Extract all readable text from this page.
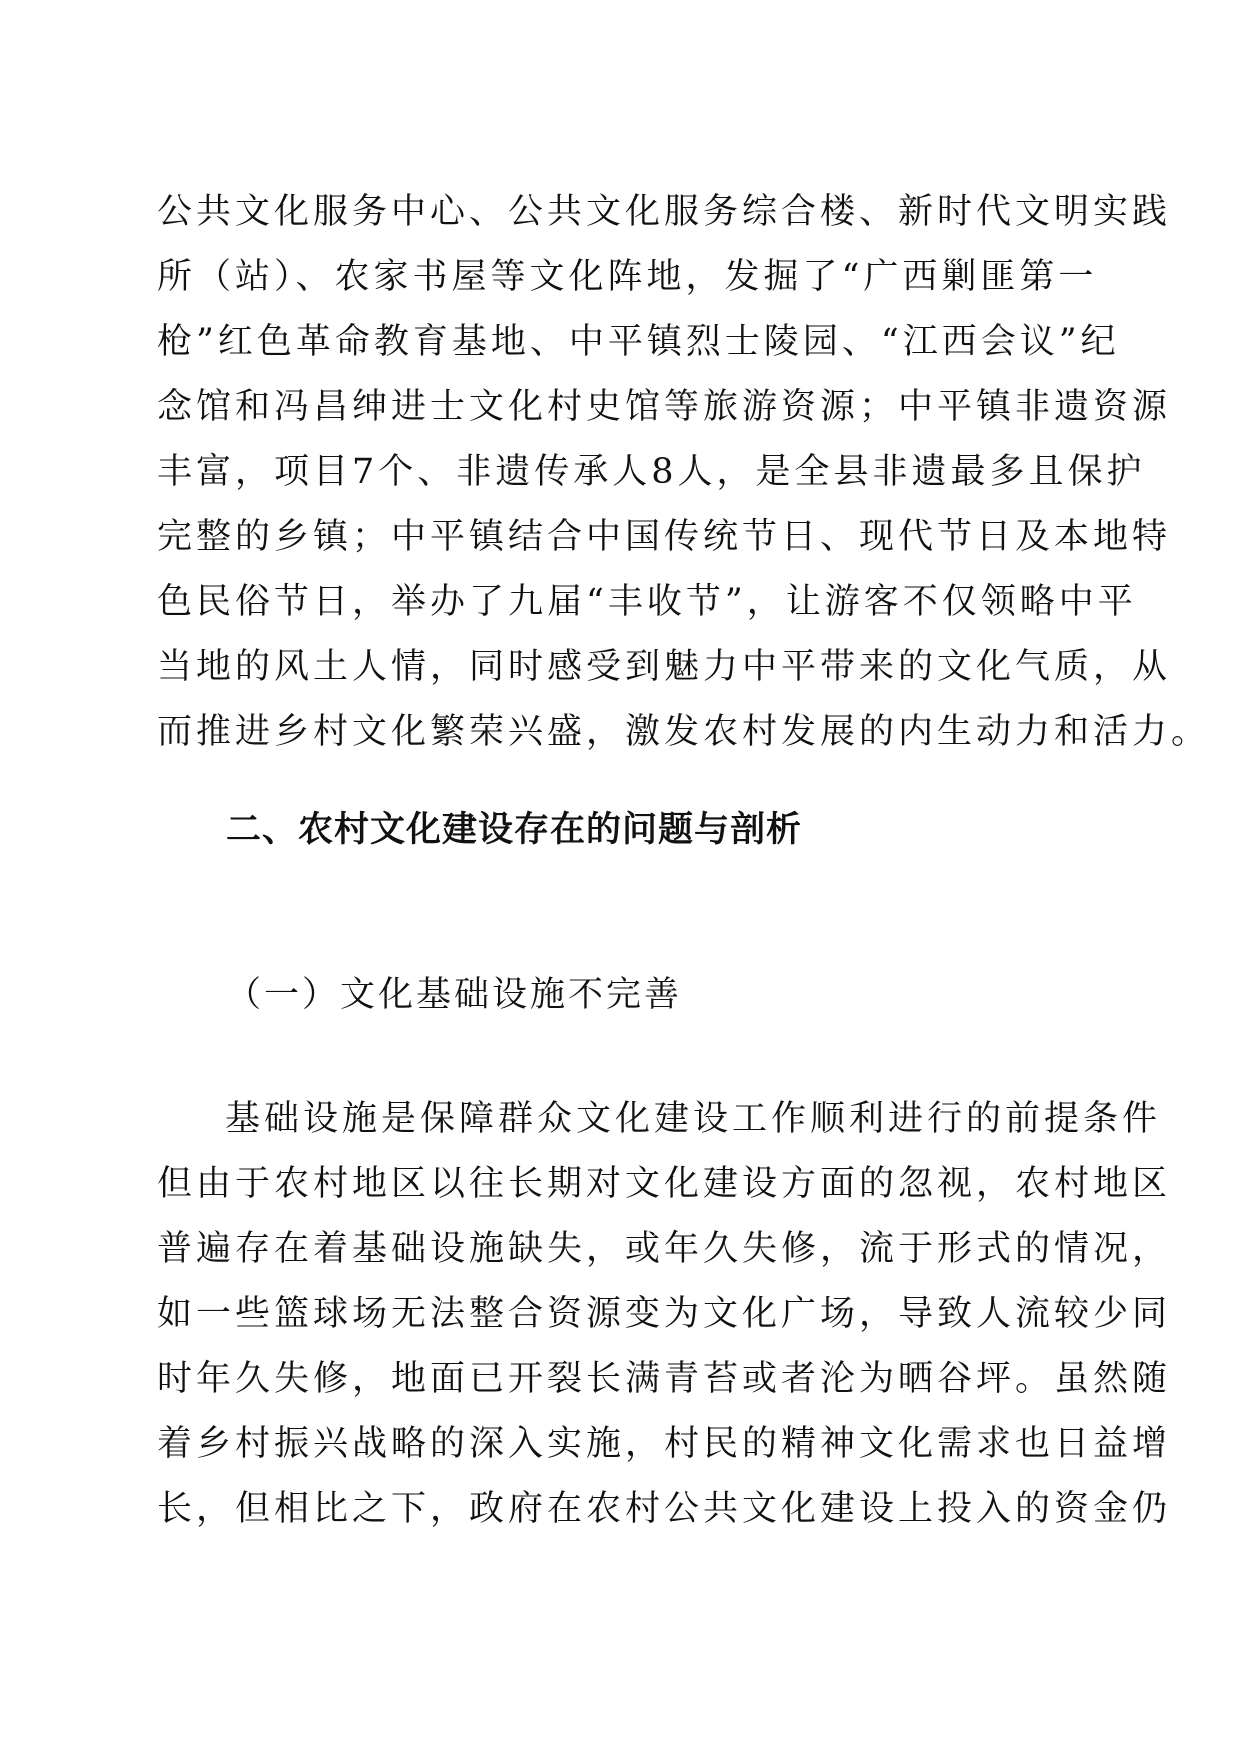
公共文化服务中心、公共文化服务综合楼、新时代文明实践
所（站）、农家书屋等文化阵地，发掘了“广西剿匪第一
枪”红色革命教育基地、中平镇烈士陵园、“江西会议”纪
念馆和冯昌绅进士文化村史馆等旅游资源；中平镇非遗资源
丰富，项目7个、非遗传承人8人，是全县非遗最多且保护
完整的乡镇；中平镇结合中国传统节日、现代节日及本地特
色民俗节日，举办了九届“丰收节”，让游客不仅领略中平
当地的风土人情，同时感受到魅力中平带来的文化气质，从
而推进乡村文化繁荣兴盛，激发农村发展的内生动力和活力。
二、农村文化建设存在的问题与剖析
（一）文化基础设施不完善
基础设施是保障群众文化建设工作顺利进行的前提条件
但由于农村地区以往长期对文化建设方面的忽视，农村地区
普遍存在着基础设施缺失，或年久失修，流于形式的情况，
如一些篮球场无法整合资源变为文化广场，导致人流较少同
时年久失修，地面已开裂长满青苔或者沦为晒谷坪。虽然随
着乡村振兴战略的深入实施，村民的精神文化需求也日益增
长，但相比之下，政府在农村公共文化建设上投入的资金仍
